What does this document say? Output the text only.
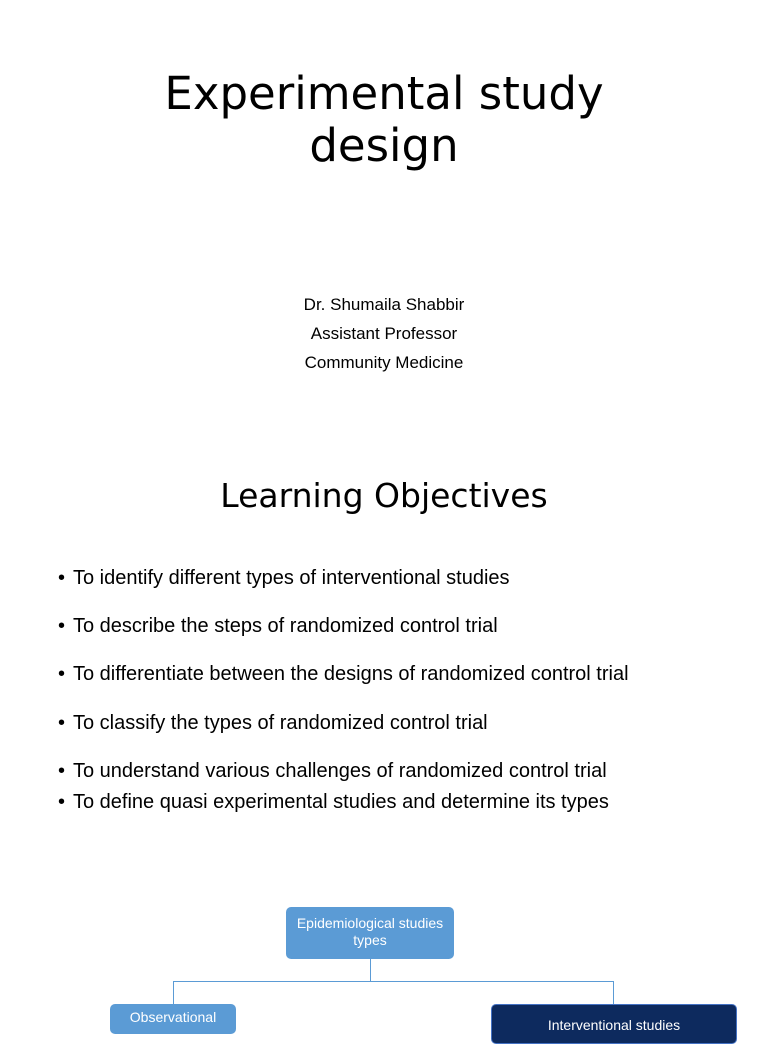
Experimental study
design
Dr. Shumaila Shabbir
Assistant Professor
Community Medicine
Learning Objectives
• To identify different types of interventional studies
• To describe the steps of randomized control trial
• To differentiate between the designs of randomized control trial
• To classify the types of randomized control trial
• To understand various challenges of randomized control trial
• To define quasi experimental studies and determine its types
Epidemiological studies
types
Observational	Interventional studies
